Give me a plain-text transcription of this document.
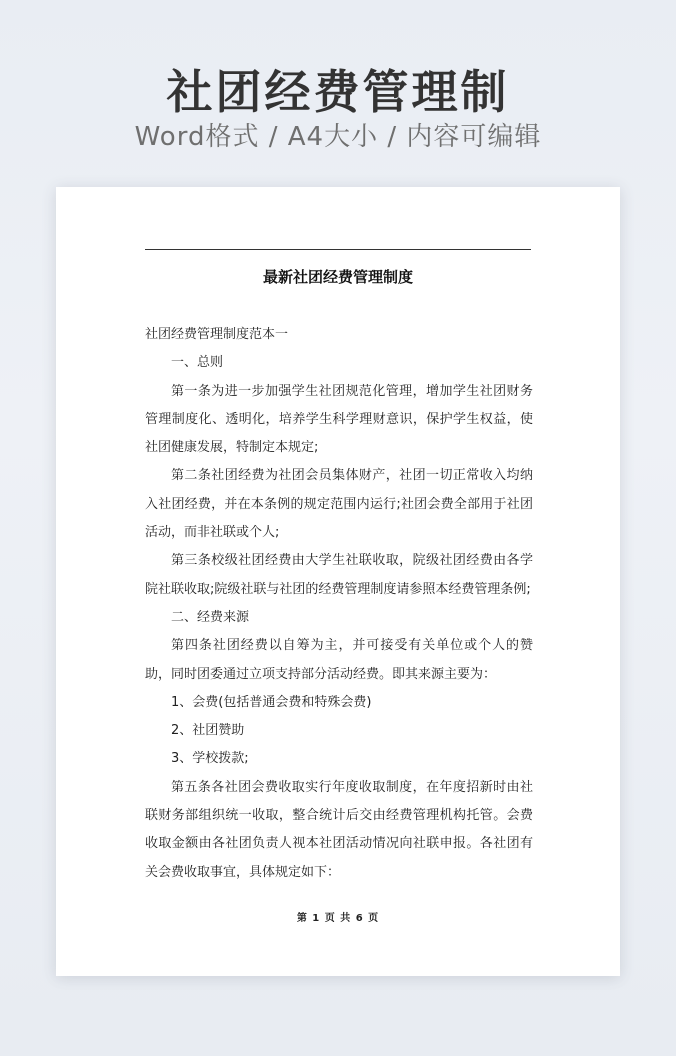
社团经费管理制
Word格式 / A4大小 / 内容可编辑
最新社团经费管理制度

社团经费管理制度范本一

一、总则

第一条为进一步加强学生社团规范化管理，增加学生社团财务管理制度化、透明化，培养学生科学理财意识，保护学生权益，使社团健康发展，特制定本规定;

第二条社团经费为社团会员集体财产，社团一切正常收入均纳入社团经费，并在本条例的规定范围内运行;社团会费全部用于社团活动，而非社联或个人;

第三条校级社团经费由大学生社联收取，院级社团经费由各学院社联收取;院级社联与社团的经费管理制度请参照本经费管理条例;

二、经费来源

第四条社团经费以自筹为主，并可接受有关单位或个人的赞助，同时团委通过立项支持部分活动经费。即其来源主要为：

1、会费(包括普通会费和特殊会费)

2、社团赞助

3、学校拨款;

第五条各社团会费收取实行年度收取制度，在年度招新时由社联财务部组织统一收取，整合统计后交由经费管理机构托管。会费收取金额由各社团负责人视本社团活动情况向社联申报。各社团有关会费收取事宜，具体规定如下：

第 1 页 共 6 页
